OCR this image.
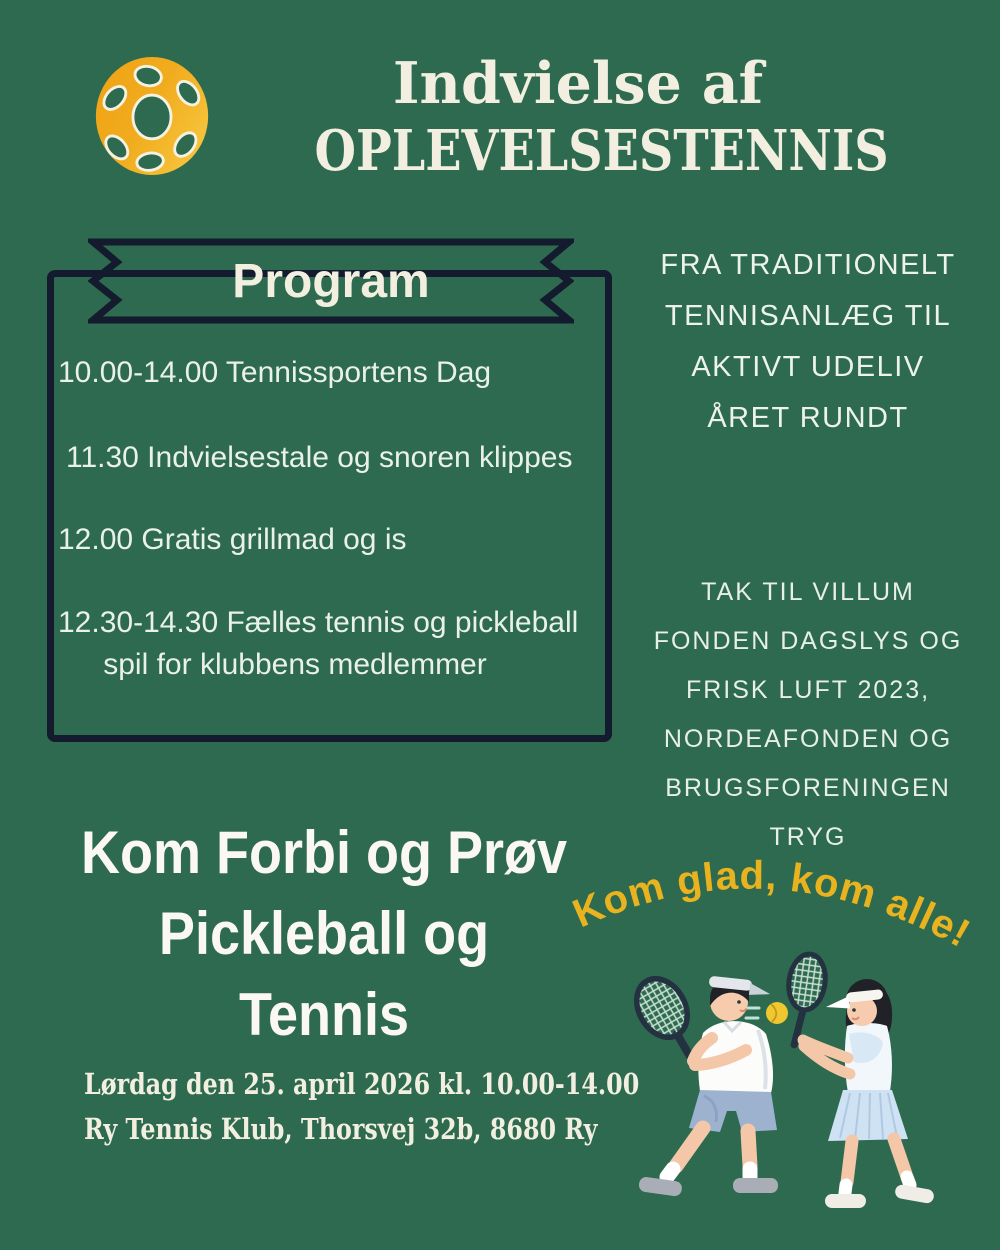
Indvielse af
OPLEVELSESTENNIS
Program
10.00-14.00 Tennissportens Dag
11.30 Indvielsestale og snoren klippes
12.00 Gratis grillmad og is
12.30-14.30 Fælles tennis og pickleball
spil for klubbens medlemmer
FRA TRADITIONELT
TENNISANLÆG TIL
AKTIVT UDELIV
ÅRET RUNDT
TAK TIL VILLUM
FONDEN DAGSLYS OG
FRISK LUFT 2023,
NORDEAFONDEN OG
BRUGSFORENINGEN
TRYG
Kom Forbi og Prøv
Pickleball og
Tennis
Lørdag den 25. april 2026 kl. 10.00-14.00
Ry Tennis Klub, Thorsvej 32b, 8680 Ry
Kom glad, kom alle!
